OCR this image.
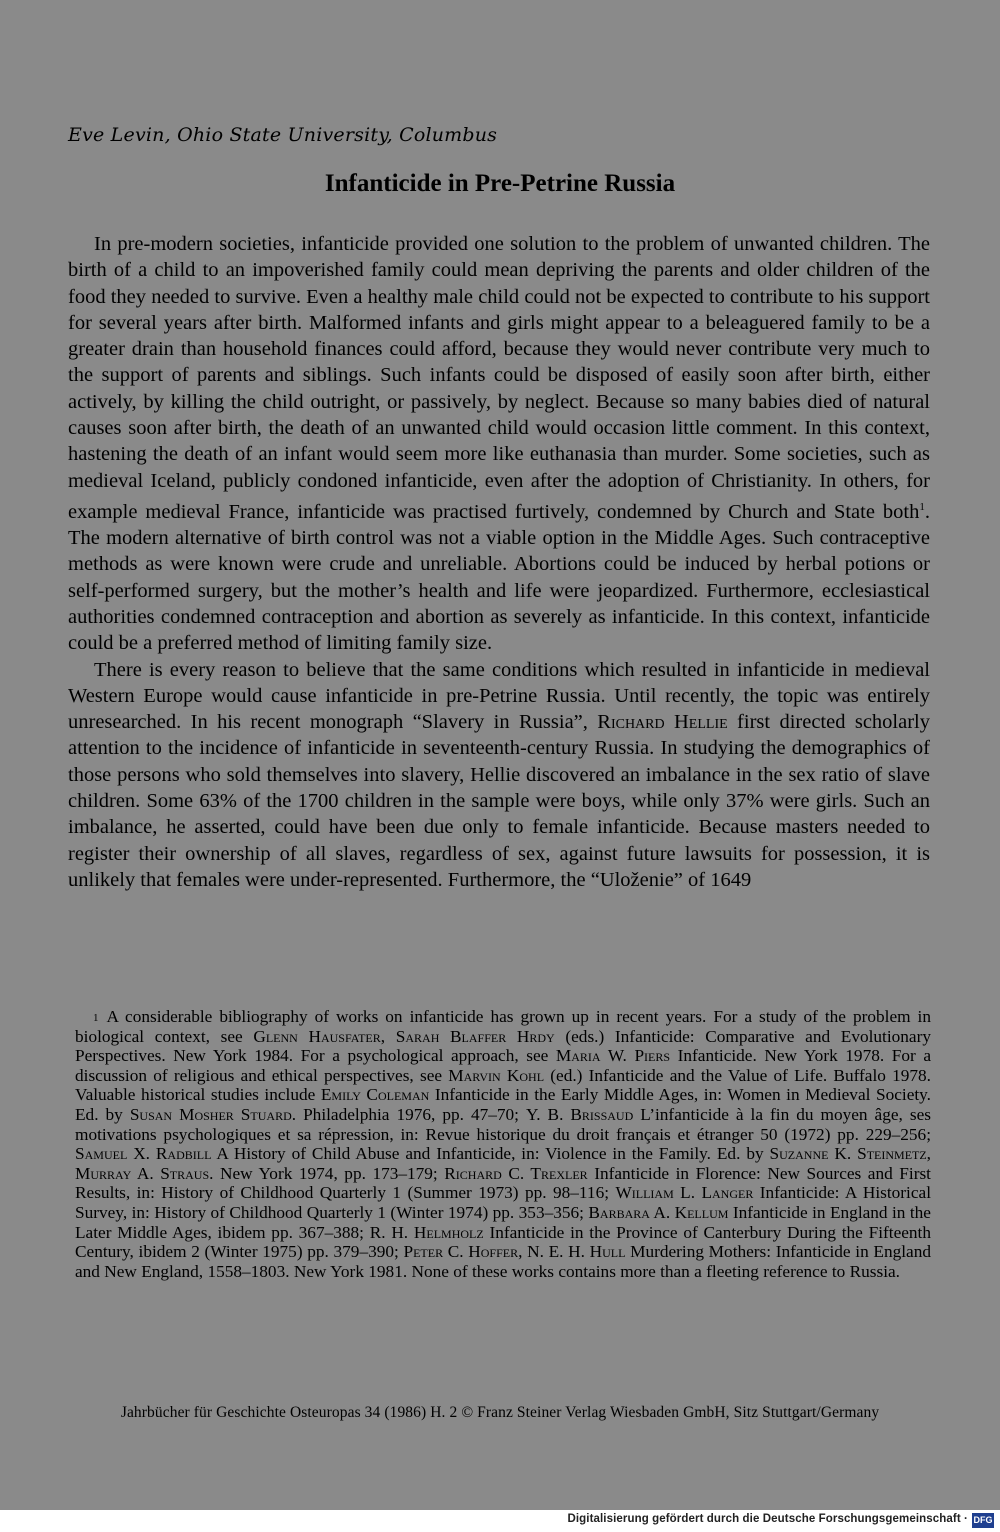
Eve Levin, Ohio State University, Columbus
Infanticide in Pre-Petrine Russia

In pre-modern societies, infanticide provided one solution to the problem of unwanted children. The birth of a child to an impoverished family could mean depriving the parents and older children of the food they needed to survive. Even a healthy male child could not be expected to contribute to his support for several years after birth. Malformed infants and girls might appear to a beleaguered family to be a greater drain than household finances could afford, because they would never contribute very much to the support of parents and siblings. Such infants could be disposed of easily soon after birth, either actively, by killing the child outright, or passively, by neglect. Because so many babies died of natural causes soon after birth, the death of an unwanted child would occasion little comment. In this context, hastening the death of an infant would seem more like euthanasia than murder. Some societies, such as medieval Iceland, publicly condoned infanticide, even after the adoption of Christianity. In others, for example medieval France, infanticide was practised furtively, condemned by Church and State both$^1$. The modern alternative of birth control was not a viable option in the Middle Ages. Such contraceptive methods as were known were crude and unreliable. Abortions could be induced by herbal potions or self-performed surgery, but the mother’s health and life were jeopardized. Furthermore, ecclesiastical authorities condemned contraception and abortion as severely as infanticide. In this context, infanticide could be a preferred method of limiting family size.

There is every reason to believe that the same conditions which resulted in infanticide in medieval Western Europe would cause infanticide in pre-Petrine Russia. Until recently, the topic was entirely unresearched. In his recent monograph “Slavery in Russia”, Richard Hellie first directed scholarly attention to the incidence of infanticide in seventeenth-century Russia. In studying the demographics of those persons who sold themselves into slavery, Hellie discovered an imbalance in the sex ratio of slave children. Some 63% of the 1700 children in the sample were boys, while only 37% were girls. Such an imbalance, he asserted, could have been due only to female infanticide. Because masters needed to register their ownership of all slaves, regardless of sex, against future lawsuits for possession, it is unlikely that females were under-represented. Furthermore, the “Uloženie” of 1649

$^1$ A considerable bibliography of works on infanticide has grown up in recent years. For a study of the problem in biological context, see Glenn Hausfater, Sarah Blaffer Hrdy (eds.) Infanticide: Comparative and Evolutionary Perspectives. New York 1984. For a psychological approach, see Maria W. Piers Infanticide. New York 1978. For a discussion of religious and ethical perspectives, see Marvin Kohl (ed.) Infanticide and the Value of Life. Buffalo 1978. Valuable historical studies include Emily Coleman Infanticide in the Early Middle Ages, in: Women in Medieval Society. Ed. by Susan Mosher Stuard. Philadelphia 1976, pp. 47–70; Y. B. Brissaud L’infanticide à la fin du moyen âge, ses motivations psychologiques et sa répression, in: Revue historique du droit français et étranger 50 (1972) pp. 229–256; Samuel X. Radbill A History of Child Abuse and Infanticide, in: Violence in the Family. Ed. by Suzanne K. Steinmetz, Murray A. Straus. New York 1974, pp. 173–179; Richard C. Trexler Infanticide in Florence: New Sources and First Results, in: History of Childhood Quarterly 1 (Summer 1973) pp. 98–116; William L. Langer Infanticide: A Historical Survey, in: History of Childhood Quarterly 1 (Winter 1974) pp. 353–356; Barbara A. Kellum Infanticide in England in the Later Middle Ages, ibidem pp. 367–388; R. H. Helmholz Infanticide in the Province of Canterbury During the Fifteenth Century, ibidem 2 (Winter 1975) pp. 379–390; Peter C. Hoffer, N. E. H. Hull Murdering Mothers: Infanticide in England and New England, 1558–1803. New York 1981. None of these works contains more than a fleeting reference to Russia.
Jahrbücher für Geschichte Osteuropas 34 (1986) H. 2 © Franz Steiner Verlag Wiesbaden GmbH, Sitz Stuttgart/Germany
Digitalisierung gefördert durch die Deutsche Forschungsgemeinschaft · DFG
